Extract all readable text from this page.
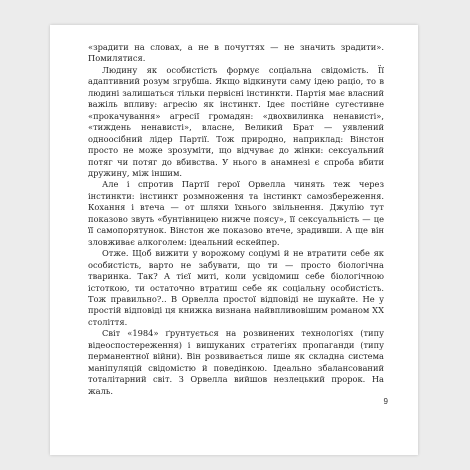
«зрадити на словах, а не в почуттях — не значить зрадити». Помилятися.

Людину як особистість формує соціальна свідомість. Її адаптивний розум згрубша. Якщо відкинути саму ідею раціо, то в людині залишаться тільки первісні інстинкти. Партія має власний важіль впливу: агресію як інстинкт. Ідеє постійне сугестивне «прокачування» агресії громадян: «двохвилинка ненависті», «тиждень ненависті», власне, Великий Брат — уявлений одноосібний лідер Партії. Тож природно, наприклад: Вінстон просто не може зрозуміти, що відчуває до жінки: сексуальний потяг чи потяг до вбивства. У нього в анамнезі є спроба вбити дружину, між іншим.

Але і спротив Партії герої Орвелла чинять теж через інстинкти: інстинкт розмноження та інстинкт самозбереження. Кохання і втеча — от шляхи їхнього звільнення. Джулію тут показово звуть «бунтівницею нижче поясу», її сексуальність — це її самопорятунок. Вінстон же показово втече, зрадивши. А ще він зловживає алкоголем: ідеальний ескейпер.

Отже. Щоб вижити у ворожому соціумі й не втратити себе як особистість, варто не забувати, що ти — просто біологічна тваринка. Так? А тієї миті, коли усвідомиш себе біологічною істоткою, ти остаточно втратиш себе як соціальну особистість. Тож правильно?.. В Орвелла простої відповіді не шукайте. Не у простій відповіді ця книжка визнана найвпливовішим романом XX століття.

Світ «1984» ґрунтується на розвинених технологіях (типу відеоспостереження) і вишуканих стратегіях пропаганди (типу перманентної війни). Він розвивається лише як складна система маніпуляцій свідомістю й поведінкою. Ідеально збалансований тоталітарний світ. З Орвелла вийшов незлецький пророк. На жаль.

9
